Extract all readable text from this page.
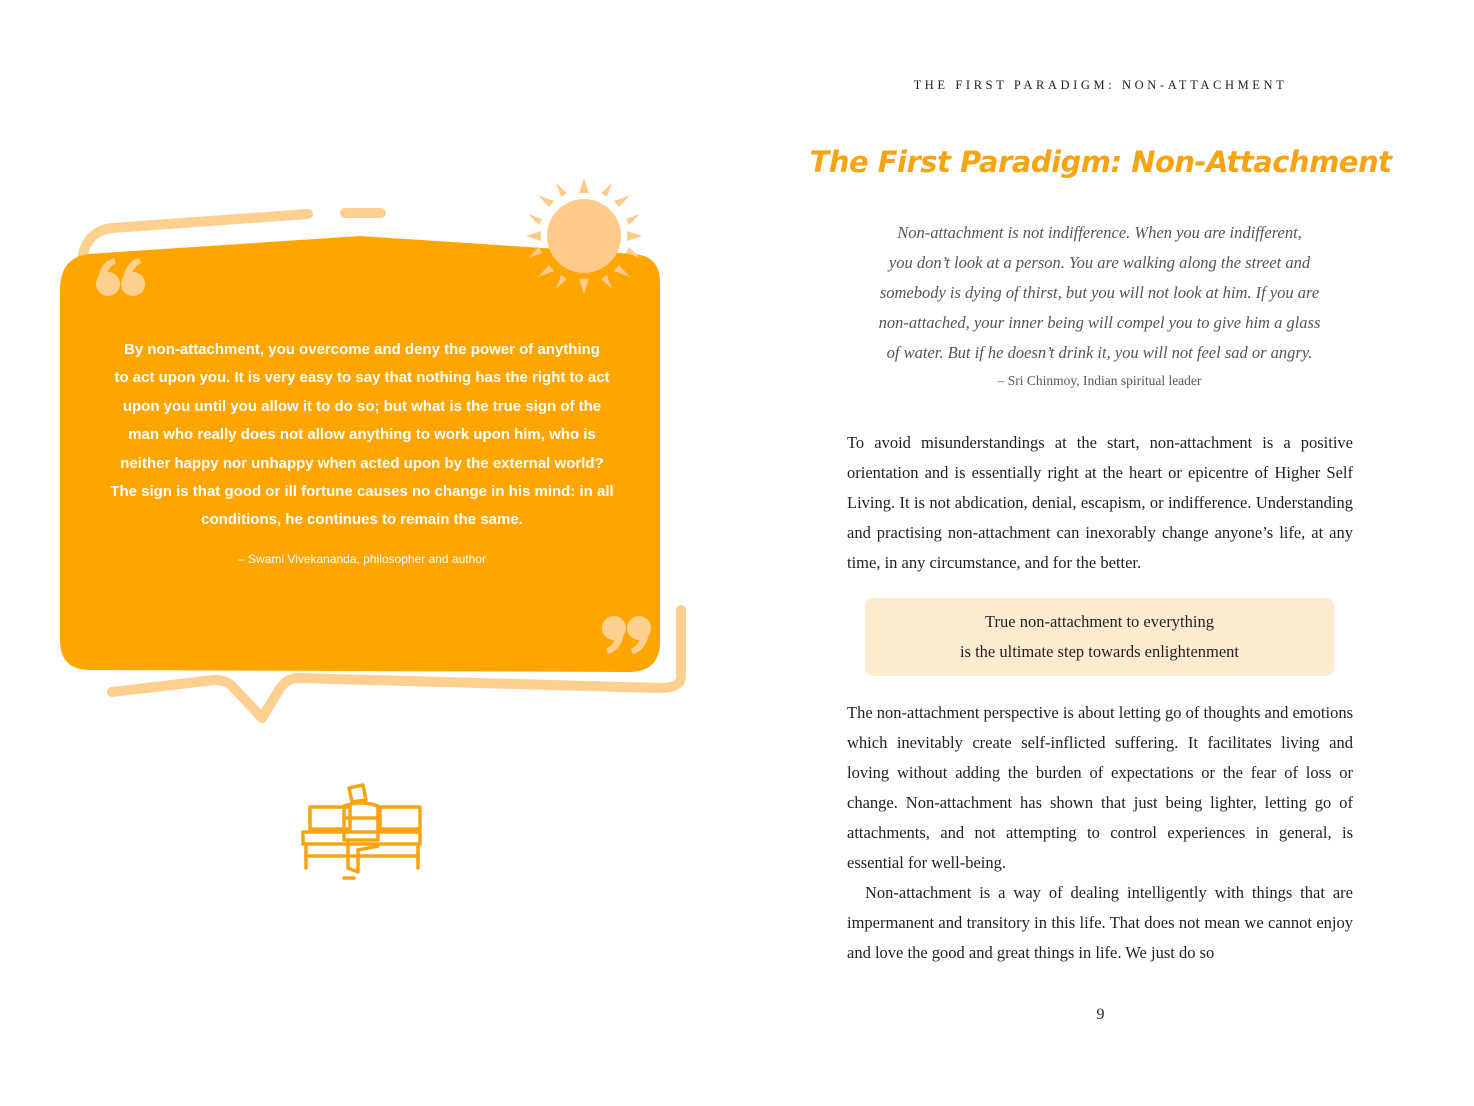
By non-attachment, you overcome and deny the power of anything

to act upon you. It is very easy to say that nothing has the right to act

upon you until you allow it to do so; but what is the true sign of the

man who really does not allow anything to work upon him, who is

neither happy nor unhappy when acted upon by the external world?

The sign is that good or ill fortune causes no change in his mind: in all

conditions, he continues to remain the same.

– Swami Vivekananda, philosopher and author

THE FIRST PARADIGM: NON-ATTACHMENT
The First Paradigm: Non-Attachment

Non-attachment is not indifference. When you are indifferent,

you don’t look at a person. You are walking along the street and

somebody is dying of thirst, but you will not look at him. If you are

non-attached, your inner being will compel you to give him a glass

of water. But if he doesn’t drink it, you will not feel sad or angry.

– Sri Chinmoy, Indian spiritual leader

To avoid misunderstandings at the start, non-attachment is a positive orientation and is essentially right at the heart or epicentre of Higher Self Living. It is not abdication, denial, escapism, or indifference. Understanding and practising non-attachment can inexorably change anyone’s life, at any time, in any circumstance, and for the better.

True non-attachment to everything
is the ultimate step towards enlightenment

The non-attachment perspective is about letting go of thoughts and emotions which inevitably create self-inflicted suffering. It facilitates living and loving without adding the burden of expectations or the fear of loss or change. Non-attachment has shown that just being lighter, letting go of attachments, and not attempting to control experiences in general, is essential for well-being.

Non-attachment is a way of dealing intelligently with things that are impermanent and transitory in this life. That does not mean we cannot enjoy and love the good and great things in life. We just do so

9
